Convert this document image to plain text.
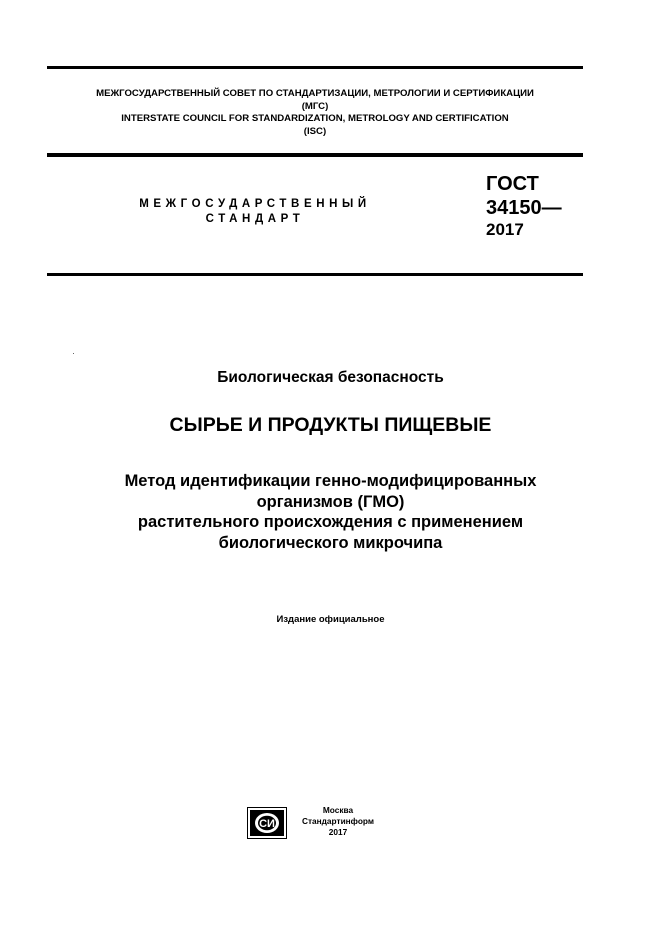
МЕЖГОСУДАРСТВЕННЫЙ СОВЕТ ПО СТАНДАРТИЗАЦИИ, МЕТРОЛОГИИ И СЕРТИФИКАЦИИ
(МГС)
INTERSTATE COUNCIL FOR STANDARDIZATION, METROLOGY AND CERTIFICATION
(ISC)
МЕЖГОСУДАРСТВЕННЫЙ
СТАНДАРТ
ГОСТ
34150—
2017
Биологическая безопасность
СЫРЬЕ И ПРОДУКТЫ ПИЩЕВЫЕ
Метод идентификации генно-модифицированных
организмов (ГМО)
растительного происхождения с применением
биологического микрочипа
Издание официальное
СИ
Москва
Стандартинформ
2017
